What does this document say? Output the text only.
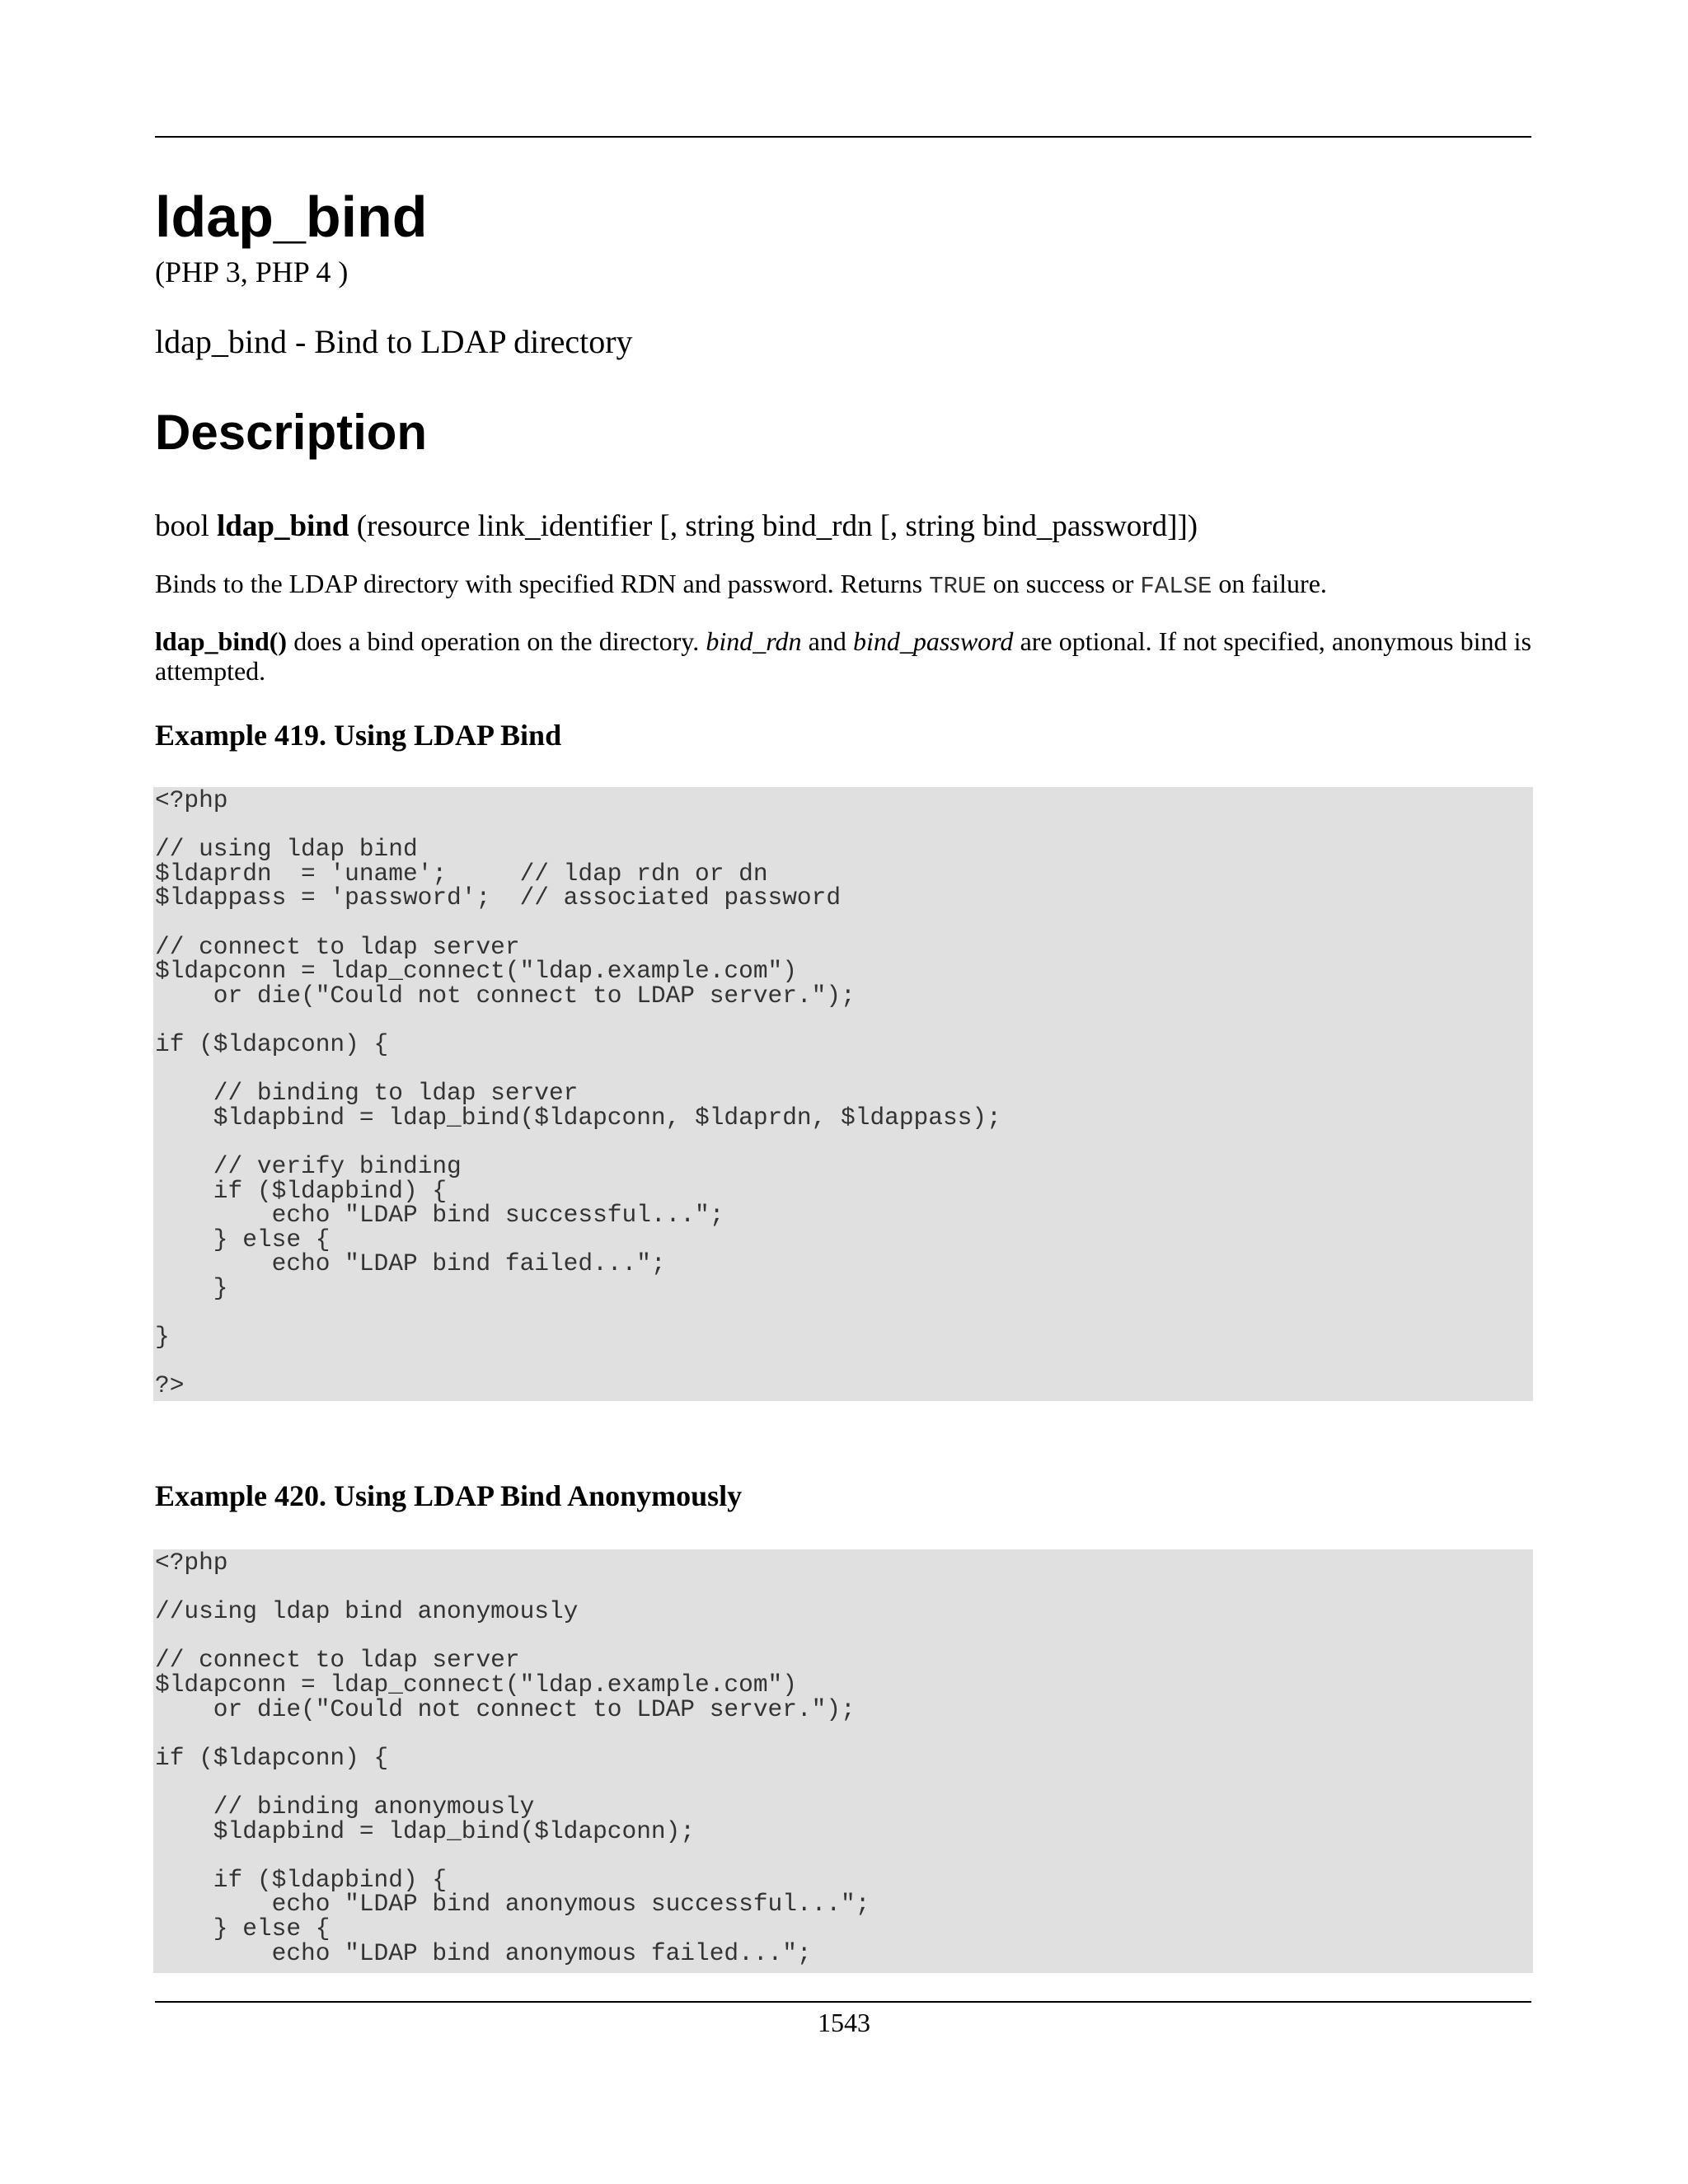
ldap_bind
(PHP 3, PHP 4 )
ldap_bind - Bind to LDAP directory
Description
bool ldap_bind (resource link_identifier [, string bind_rdn [, string bind_password]])
Binds to the LDAP directory with specified RDN and password. Returns TRUE on success or FALSE on failure.
ldap_bind() does a bind operation on the directory. bind_rdn and bind_password are optional. If not specified, anonymous bind is attempted.
Example 419. Using LDAP Bind
<?php

// using ldap bind
$ldaprdn  = 'uname';     // ldap rdn or dn
$ldappass = 'password';  // associated password

// connect to ldap server
$ldapconn = ldap_connect("ldap.example.com")
or die("Could not connect to LDAP server.");

if ($ldapconn) {

// binding to ldap server
$ldapbind = ldap_bind($ldapconn, $ldaprdn, $ldappass);

// verify binding
if ($ldapbind) {
echo "LDAP bind successful...";
} else {
echo "LDAP bind failed...";
}

}

?>
Example 420. Using LDAP Bind Anonymously
<?php

//using ldap bind anonymously

// connect to ldap server
$ldapconn = ldap_connect("ldap.example.com")
or die("Could not connect to LDAP server.");

if ($ldapconn) {

// binding anonymously
$ldapbind = ldap_bind($ldapconn);

if ($ldapbind) {
echo "LDAP bind anonymous successful...";
} else {
echo "LDAP bind anonymous failed...";
1543
